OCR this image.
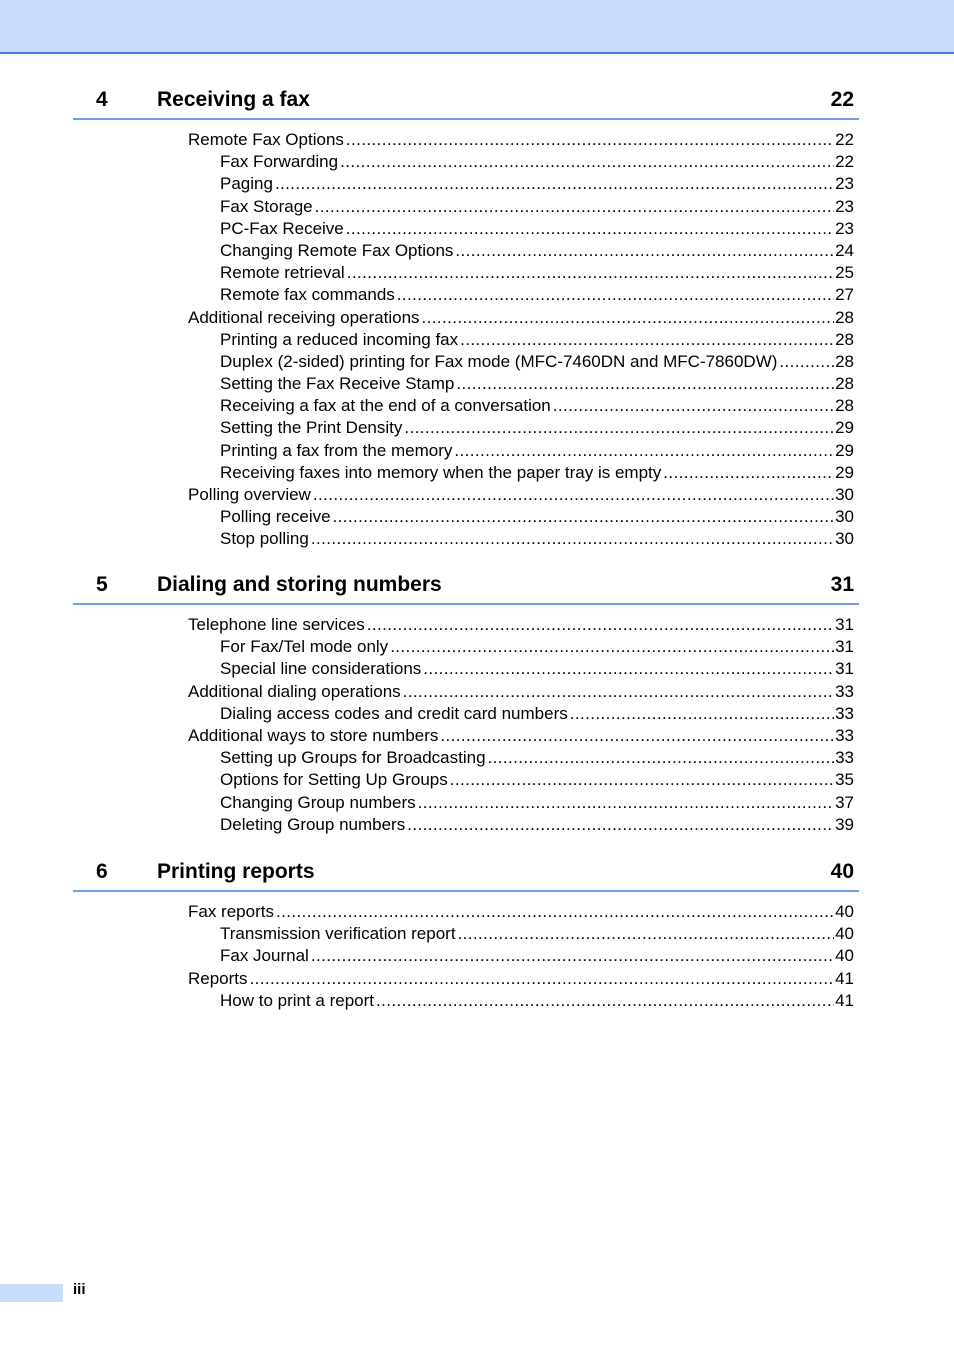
4 Receiving a fax	22
Remote Fax Options .....	22
Fax Forwarding .....	22
Paging .....	23
Fax Storage .....	23
PC-Fax Receive .....	23
Changing Remote Fax Options .....	24
Remote retrieval .....	25
Remote fax commands .....	27
Additional receiving operations .....	28
Printing a reduced incoming fax .....	28
Duplex (2-sided) printing for Fax mode (MFC-7460DN and MFC-7860DW) .....	28
Setting the Fax Receive Stamp .....	28
Receiving a fax at the end of a conversation .....	28
Setting the Print Density .....	29
Printing a fax from the memory .....	29
Receiving faxes into memory when the paper tray is empty .....	29
Polling overview .....	30
Polling receive .....	30
Stop polling .....	30
5 Dialing and storing numbers	31
Telephone line services .....	31
For Fax/Tel mode only .....	31
Special line considerations .....	31
Additional dialing operations .....	33
Dialing access codes and credit card numbers .....	33
Additional ways to store numbers .....	33
Setting up Groups for Broadcasting .....	33
Options for Setting Up Groups .....	35
Changing Group numbers .....	37
Deleting Group numbers .....	39
6 Printing reports	40
Fax reports .....	40
Transmission verification report .....	40
Fax Journal .....	40
Reports .....	41
How to print a report .....	41
iii
